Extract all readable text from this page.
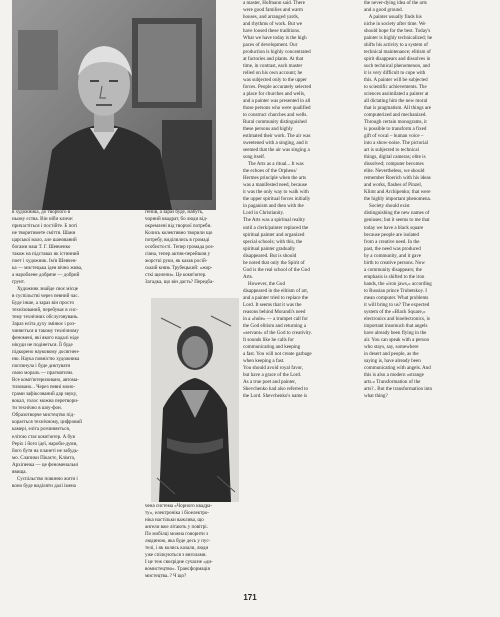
в художника, до творчого в
ньому єства. Він ніби кличе:
причастіться і постійте. Б поті
не творитимете сміття. Шани
царської мало, але шанований
богами наш Т. Г. Шевченко
також на підставах як істинний
поет і художник. Ім'я Шевчен-
ка — мистецька ідея вічно жива,
а нароблене добряче — добрий
грунт.
Художник знайде своє місце
в суспільстві через певний час.
Буде інше, а зараз він просто
технізований, перебуває в сис-
тему технічних обслуговувань.
Зараз еліта духу змінює і роз-
чиняється в такому технічному
феномені, які якого надалі ніде
нікуди не подінеться. Її буде
підкорено науковому досягнен-
ню. Наука повністю художника
поглинула і буде диктувати
свою мораль — прагматизм.
Все комп'ютеризовано, автома-
тизовано... Через певні моно-
грами зафіксований дар звуку,
вокал, голос можна перетвори-
ти технічно в шоу-фон.
Образотворче мистецтво під-
корається технічному, цифровий
камері, еліта розчиняється,
елітою стає комп'ютер. А був
Реріх і його ідеї, нароби-думи,
його бутя на планеті не забудь-
мо. Слапики Пікаєтє, Клімта,
Архіпенка — це феноменальні
явища.
Суспільство повинно жити і
воно буде виділяти далі імена
геніїв, а зараз буде, мабуть,
чорний квадрат, бо люди від-
окремлені від творчої потреби.
Колись колективно творили що
потребу, виділились в громаді
особистості. Тепер громада роз-
сіяна, тепер актив-перейшов у
жорсткі руки, як казав росій-
ський князь Трубецький: «жор-
сткі щелепи». Це комп'ютер.
Загадка, що він дасть? Передба-
чена система «Чорного квадра-
ту», електроніка і біоелектро-
ніка настільки важлива, що
ангели вже літають у повітрі.
По мобілці можна говорити з
людиною, яка буде десь у пус-
телі, і як колись казали, люди
уже спілкуються з янголами.
І це теж своєрідне сучасне «ди-
вомистецтво». Трансформація
мистецтва..? Ч що?
a master, Hofmann said. There
were good families and warm
houses, and arranged yards,
and rhythms of work. But we
have loosed these traditions.
What we have today is the high
paces of development. Our
production is highly concentrated
at factories and plants. At that
time, in contrast, each master
relied on his own account; he
was subjected only to the upper
forces. People accurately selected
a place for churches and wells,
and a painter was presented in all
those persons who were qualified
to construct churches and wells.
Rural community distinguished
these persons and highly
estimated their work. The air was
sweetened with a singing, and it
seemed that the air was singing a
song itself.
The Arts as a ritual... It was
the echoes of the Orpheus/
Hermes principle when the arts
was a manifested need, because
it was the only way to walk with
the upper spiritual forces initially
in paganism and then with the
Lord in Christianity.
The Arts was a spiritual reality
until a clerk/painter replaced the
spiritual painter and organized
special schools; with this, the
spiritual painter gradually
disappeared. But is should
be noted that only the Spirit of
God is the real school of the God
Arts.
However, the God
disappeared in the elitism of art,
and a painter tried to replace the
Lord. It seems that it was the
reasons behind Morandi's need
in a «hole» — a trumpet call for
the God elitism and returning a
«servant» of the God to creativity.
It sounds like he calls for
communicating and keeping
a fast. You will not create garbage
when keeping a fast.
You should avoid royal favor,
but have a grace of the Lord.
As a true poet and painter,
Shevchenko had also referred to
the Lord. Shevchenko's name is
the never-dying idea of the arts
and a good ground.
A painter usually finds his
niche in society after time. We
should hope for the best. Today's
painter is highly technicalized; he
shifts his activity to a system of
technical maintenance; elitism of
spirit disappears and dissolves in
such technical phenomenon, and
it is very difficult to cope with
this. A painter will be subjected
to scientific achievements. The
sciences assimilated a painter at
all dictating him the new moral
that is pragmatism. All things are
computerized and mechanized.
Through certain monograms, it
is possible to transform a fixed
gift of vocal – human voice –
into a show-noise. The pictorial
art is subjected to technical
things, digital cameras; elite is
dissolved; computer becomes
elite. Nevertheless, we should
remember Roerich with his ideas
and works, flashes of Pinzel,
Klimt and Archipenko; that were
the highly important phenomena.
Society should exist
distinguishing the new names of
geniuses; but it seems to me that
today we have a black square
because people are isolated
from a creative need. In the
past, the need was produced
by a community, and it gave
birth to creative persons. Now
a community disappears; the
emphasis is shifted to the iron
hands, the «iron jaws,» according
to Russian prince Trubetskoy. I
mean computer. What problems
it will bring to us? The expected
system of the «Black Square,»
electronics and bioelectronics, is
important insomuch that angels
have already been flying in the
air. You can speak with a person
who stays, say, somewhere
in desert and people, as the
saying is, have already been
communicating with angels. And
this is also a modern «strange
arts.» Transformation of the
arts?.. But the transformation into
what thing?
171
